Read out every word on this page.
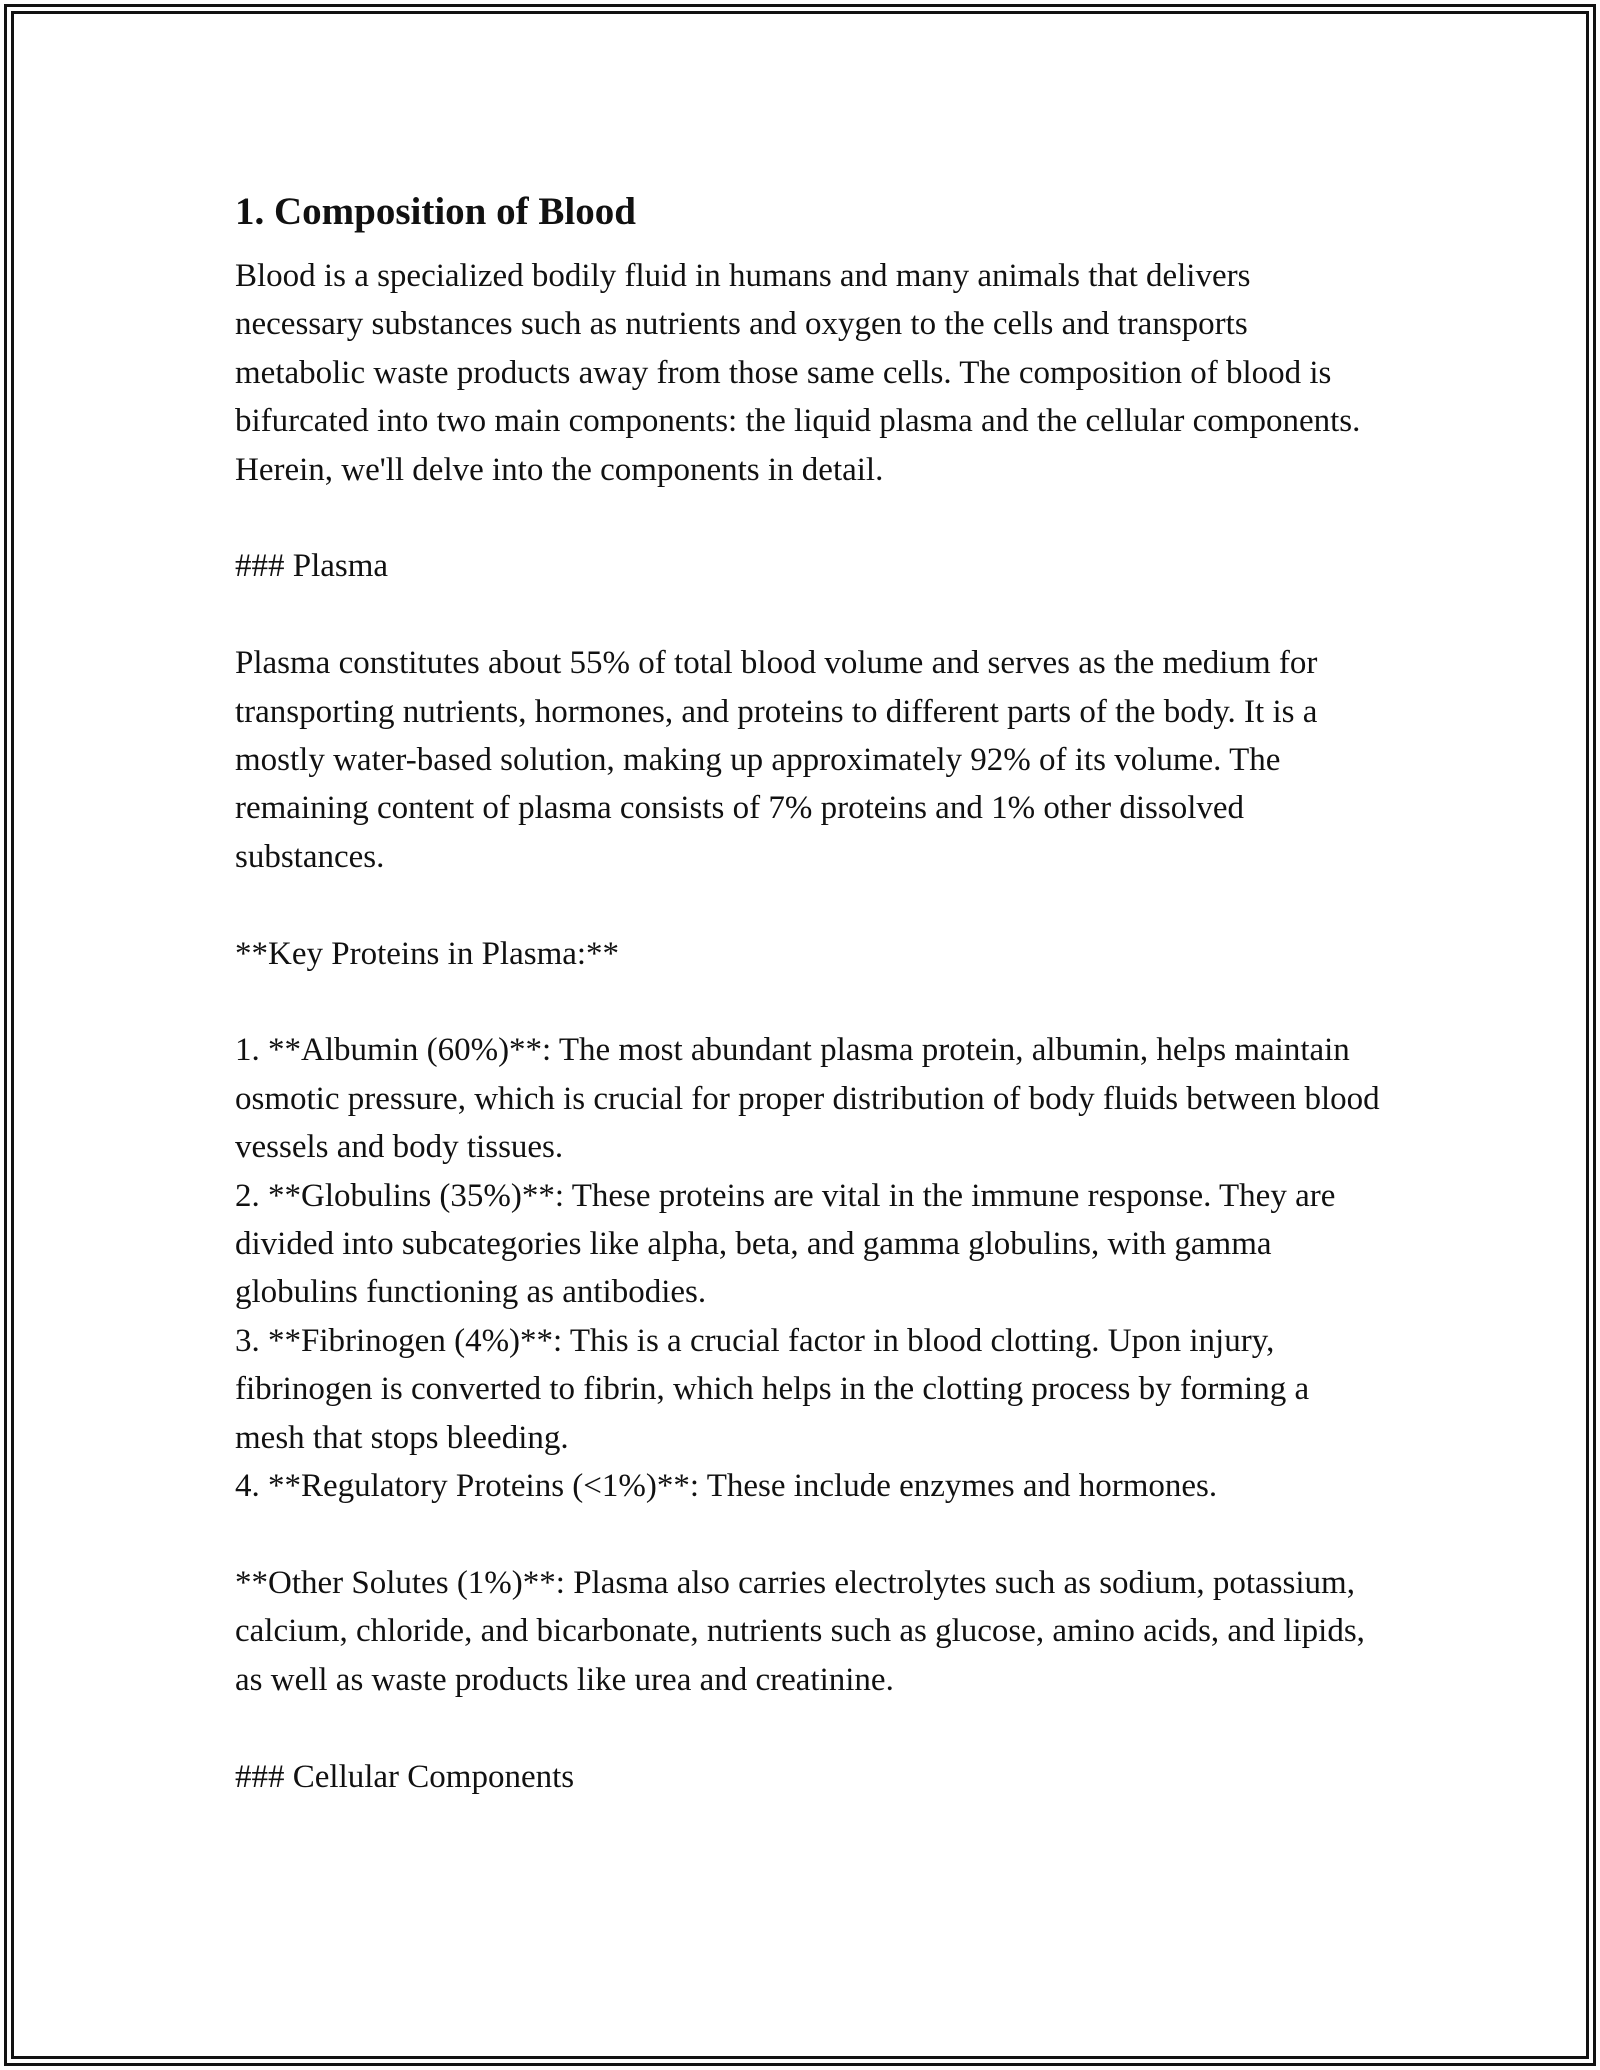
1. Composition of Blood

Blood is a specialized bodily fluid in humans and many animals that delivers necessary substances such as nutrients and oxygen to the cells and transports metabolic waste products away from those same cells. The composition of blood is bifurcated into two main components: the liquid plasma and the cellular components. Herein, we'll delve into the components in detail.

### Plasma

Plasma constitutes about 55% of total blood volume and serves as the medium for transporting nutrients, hormones, and proteins to different parts of the body. It is a mostly water-based solution, making up approximately 92% of its volume. The remaining content of plasma consists of 7% proteins and 1% other dissolved substances.

**Key Proteins in Plasma:**

1. **Albumin (60%)**: The most abundant plasma protein, albumin, helps maintain osmotic pressure, which is crucial for proper distribution of body fluids between blood vessels and body tissues.

2. **Globulins (35%)**: These proteins are vital in the immune response. They are divided into subcategories like alpha, beta, and gamma globulins, with gamma globulins functioning as antibodies.

3. **Fibrinogen (4%)**: This is a crucial factor in blood clotting. Upon injury, fibrinogen is converted to fibrin, which helps in the clotting process by forming a mesh that stops bleeding.

4. **Regulatory Proteins (<1%)**: These include enzymes and hormones.

**Other Solutes (1%)**: Plasma also carries electrolytes such as sodium, potassium, calcium, chloride, and bicarbonate, nutrients such as glucose, amino acids, and lipids, as well as waste products like urea and creatinine.

### Cellular Components
